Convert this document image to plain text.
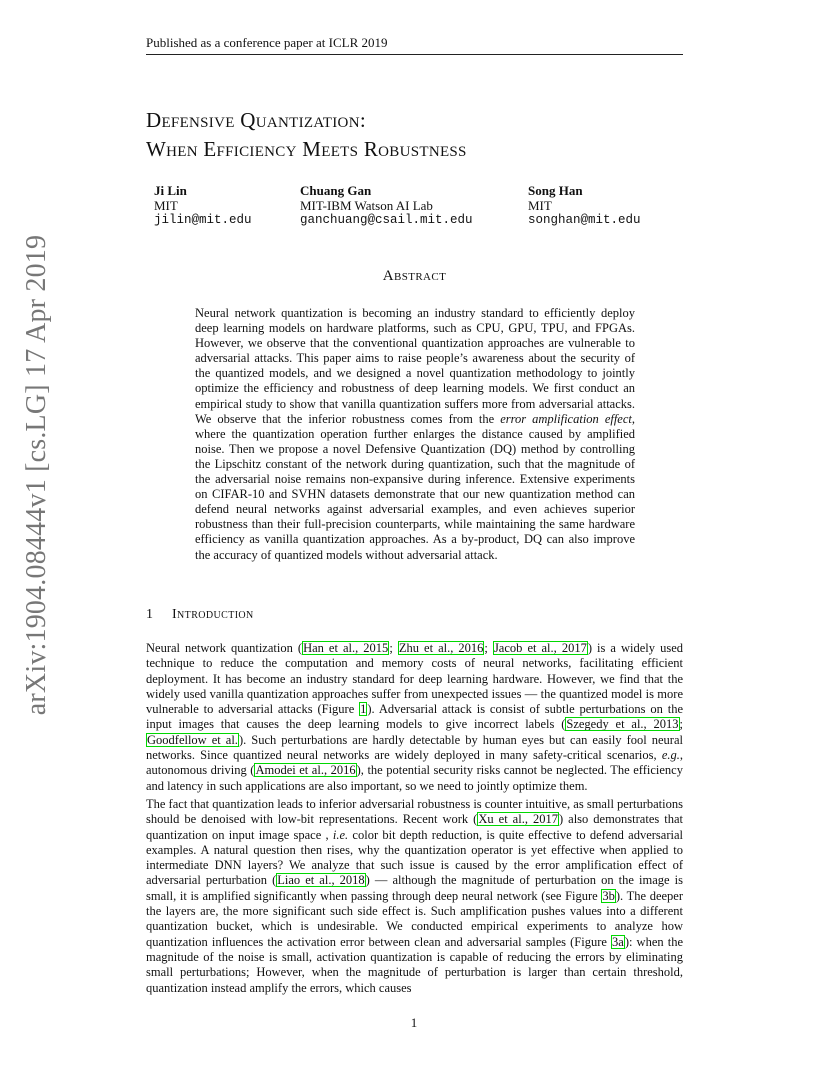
Published as a conference paper at ICLR 2019
arXiv:1904.08444v1 [cs.LG] 17 Apr 2019
Defensive Quantization:
When Efficiency Meets Robustness
Ji Lin
MIT
jilin@mit.edu
Chuang Gan
MIT-IBM Watson AI Lab
ganchuang@csail.mit.edu
Song Han
MIT
songhan@mit.edu
Abstract

Neural network quantization is becoming an industry standard to efficiently deploy deep learning models on hardware platforms, such as CPU, GPU, TPU, and FPGAs. However, we observe that the conventional quantization approaches are vulnerable to adversarial attacks. This paper aims to raise people’s awareness about the security of the quantized models, and we designed a novel quantization methodology to jointly optimize the efficiency and robustness of deep learning models. We first conduct an empirical study to show that vanilla quantization suffers more from adversarial attacks. We observe that the inferior robustness comes from the error amplification effect, where the quantization operation further enlarges the distance caused by amplified noise. Then we propose a novel Defensive Quantization (DQ) method by controlling the Lipschitz constant of the network during quantization, such that the magnitude of the adversarial noise remains non-expansive during inference. Extensive experiments on CIFAR-10 and SVHN datasets demonstrate that our new quantization method can defend neural networks against adversarial examples, and even achieves superior robustness than their full-precision counterparts, while maintaining the same hardware efficiency as vanilla quantization approaches. As a by-product, DQ can also improve the accuracy of quantized models without adversarial attack.

1 Introduction

Neural network quantization (Han et al., 2015; Zhu et al., 2016; Jacob et al., 2017) is a widely used technique to reduce the computation and memory costs of neural networks, facilitating efficient deployment. It has become an industry standard for deep learning hardware. However, we find that the widely used vanilla quantization approaches suffer from unexpected issues — the quantized model is more vulnerable to adversarial attacks (Figure 1). Adversarial attack is consist of subtle perturbations on the input images that causes the deep learning models to give incorrect labels (Szegedy et al., 2013; Goodfellow et al.). Such perturbations are hardly detectable by human eyes but can easily fool neural networks. Since quantized neural networks are widely deployed in many safety-critical scenarios, e.g., autonomous driving (Amodei et al., 2016), the potential security risks cannot be neglected. The efficiency and latency in such applications are also important, so we need to jointly optimize them.

The fact that quantization leads to inferior adversarial robustness is counter intuitive, as small perturbations should be denoised with low-bit representations. Recent work (Xu et al., 2017) also demonstrates that quantization on input image space , i.e. color bit depth reduction, is quite effective to defend adversarial examples. A natural question then rises, why the quantization operator is yet effective when applied to intermediate DNN layers? We analyze that such issue is caused by the error amplification effect of adversarial perturbation (Liao et al., 2018) — although the magnitude of perturbation on the image is small, it is amplified significantly when passing through deep neural network (see Figure 3b). The deeper the layers are, the more significant such side effect is. Such amplification pushes values into a different quantization bucket, which is undesirable. We conducted empirical experiments to analyze how quantization influences the activation error between clean and adversarial samples (Figure 3a): when the magnitude of the noise is small, activation quantization is capable of reducing the errors by eliminating small perturbations; However, when the magnitude of perturbation is larger than certain threshold, quantization instead amplify the errors, which causes

1
